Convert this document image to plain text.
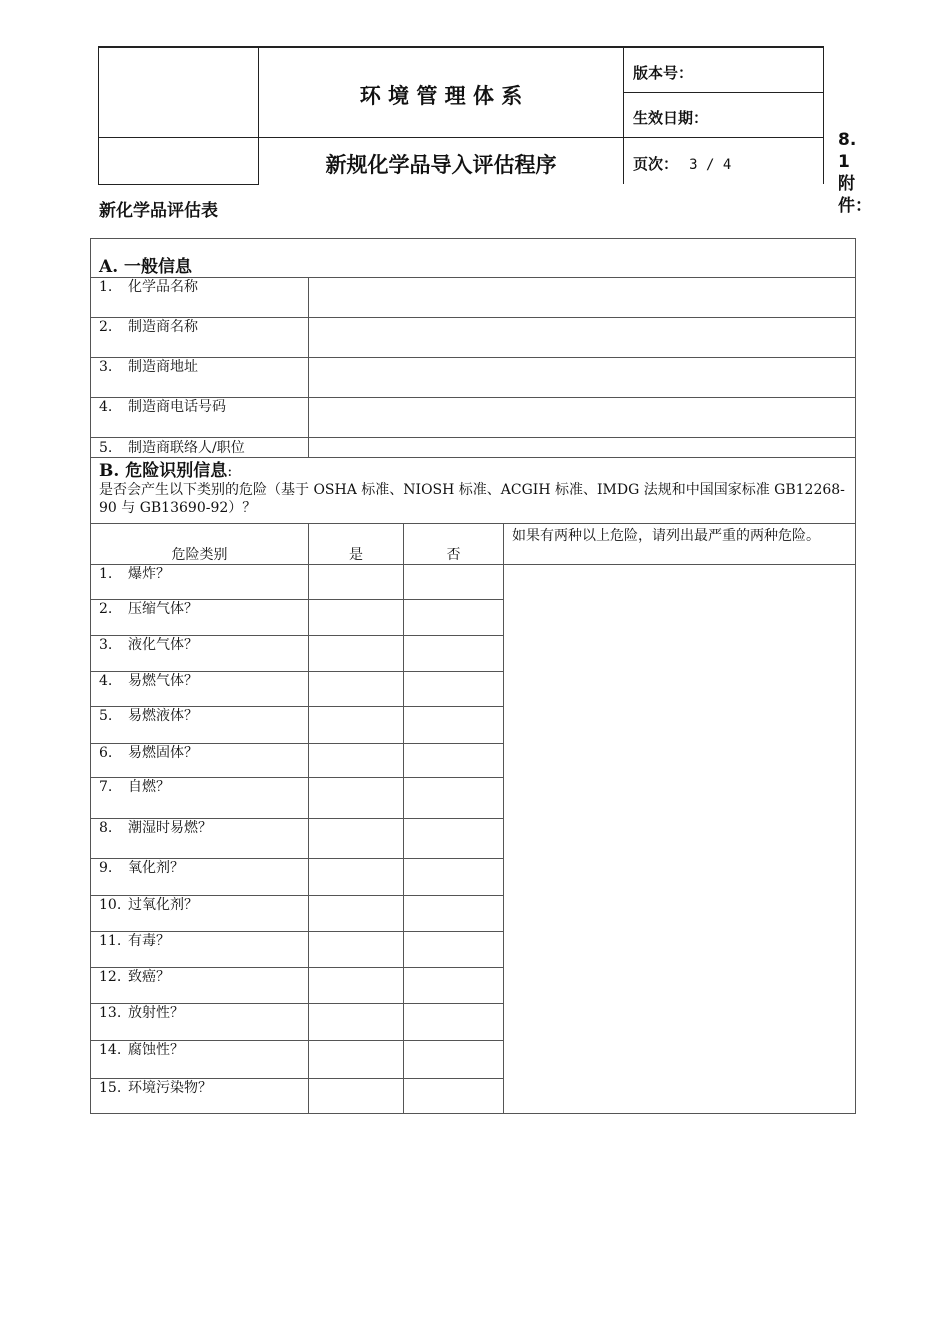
环 境 管 理 体 系
新规化学品导入评估程序
版本号：
生效日期：
页次： 3 / 4
8.1附件：
新化学品评估表
A. 一般信息			
1. 化学品名称			
2. 制造商名称			
3. 制造商地址			
4. 制造商电话号码			
5. 制造商联络人/职位			

B. 危险识别信息:
是否会产生以下类别的危险（基于 OSHA 标准、NIOSH 标准、ACGIH 标准、IMDG 法规和中国国家标准 GB12268-90 与 GB13690-92）？			

危险类别	是	否	如果有两种以上危险，请列出最严重的两种危险。
1. 爆炸？			
2. 压缩气体？			
3. 液化气体？			
4. 易燃气体？			
5. 易燃液体？			
6. 易燃固体？			
7. 自燃？			
8. 潮湿时易燃？			
9. 氧化剂？			
10. 过氧化剂？			
11. 有毒？			
12. 致癌？			
13. 放射性？			
14. 腐蚀性？			
15. 环境污染物？			
